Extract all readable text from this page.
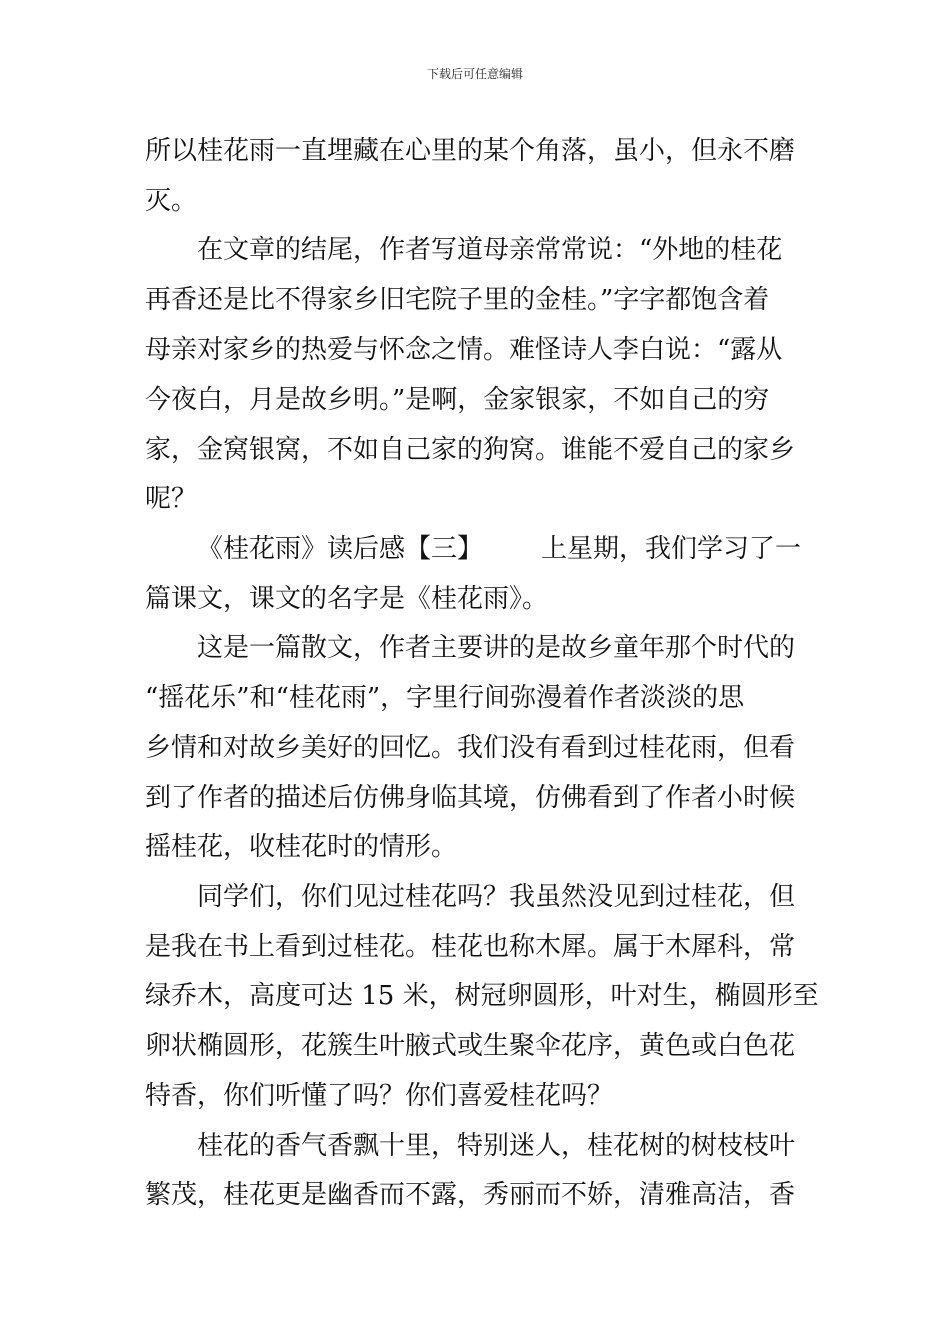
下载后可任意编辑
所以桂花雨一直埋藏在心里的某个角落，虽小，但永不磨
灭。
在文章的结尾，作者写道母亲常常说：“外地的桂花
再香还是比不得家乡旧宅院子里的金桂。”字字都饱含着
母亲对家乡的热爱与怀念之情。难怪诗人李白说：“露从
今夜白，月是故乡明。”是啊，金家银家，不如自己的穷
家，金窝银窝，不如自己家的狗窝。谁能不爱自己的家乡
呢？
《桂花雨》读后感【三】 上星期，我们学习了一
篇课文，课文的名字是《桂花雨》。
这是一篇散文，作者主要讲的是故乡童年那个时代的
“摇花乐”和“桂花雨”，字里行间弥漫着作者淡淡的思
乡情和对故乡美好的回忆。我们没有看到过桂花雨，但看
到了作者的描述后仿佛身临其境，仿佛看到了作者小时候
摇桂花，收桂花时的情形。
同学们，你们见过桂花吗？我虽然没见到过桂花，但
是我在书上看到过桂花。桂花也称木犀。属于木犀科，常
绿乔木，高度可达 15 米，树冠卵圆形，叶对生，椭圆形至
卵状椭圆形，花簇生叶腋式或生聚伞花序，黄色或白色花
特香，你们听懂了吗？你们喜爱桂花吗？
桂花的香气香飘十里，特别迷人，桂花树的树枝枝叶
繁茂，桂花更是幽香而不露，秀丽而不娇，清雅高洁，香
